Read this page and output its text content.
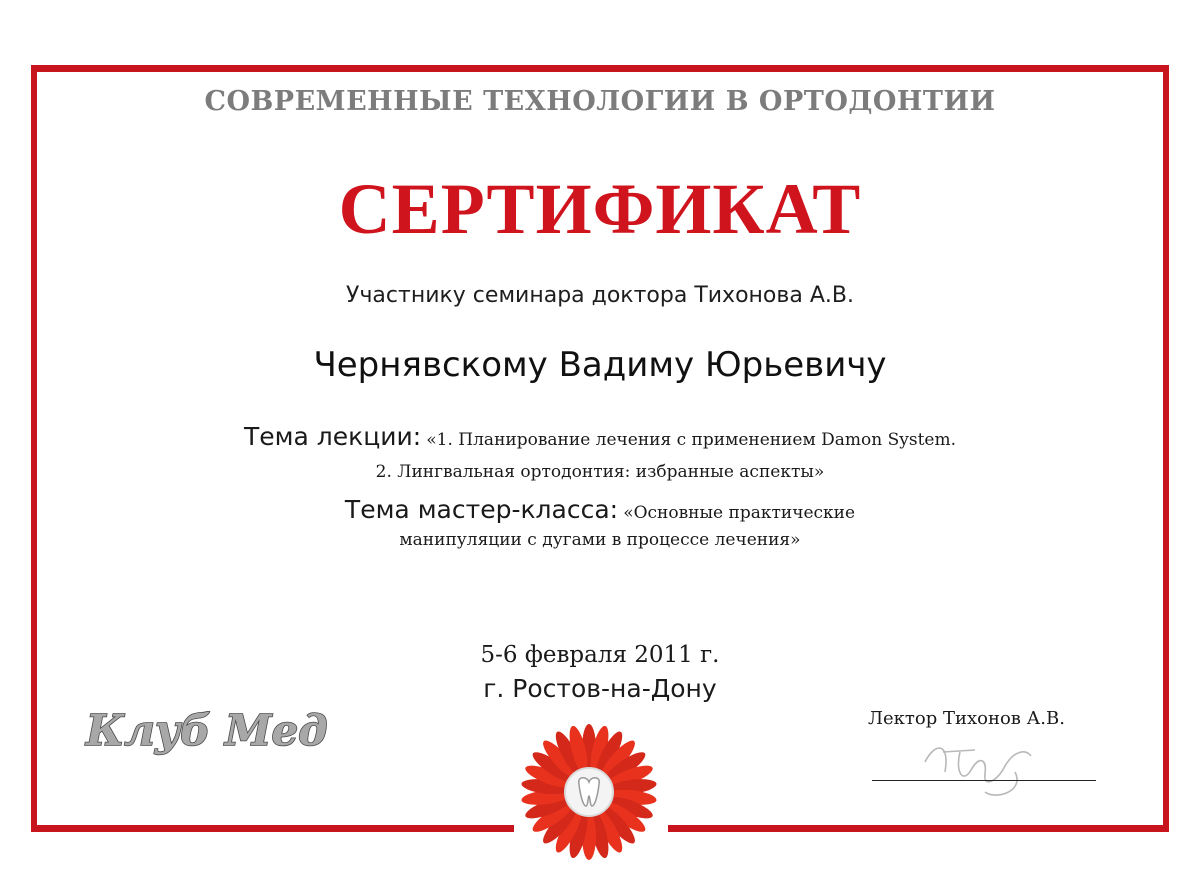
СОВРЕМЕННЫЕ ТЕХНОЛОГИИ В ОРТОДОНТИИ
СЕРТИФИКАТ
Участнику семинара доктора Тихонова А.В.
Чернявскому Вадиму Юрьевичу
Тема лекции: «1. Планирование лечения с применением Damon System.
2. Лингвальная ортодонтия: избранные аспекты»
Тема мастер-класса: «Основные практические
манипуляции с дугами в процессе лечения»
5-6 февраля 2011 г.
г. Ростов-на-Дону
Лектор Тихонов А.В.
Клуб Мед
